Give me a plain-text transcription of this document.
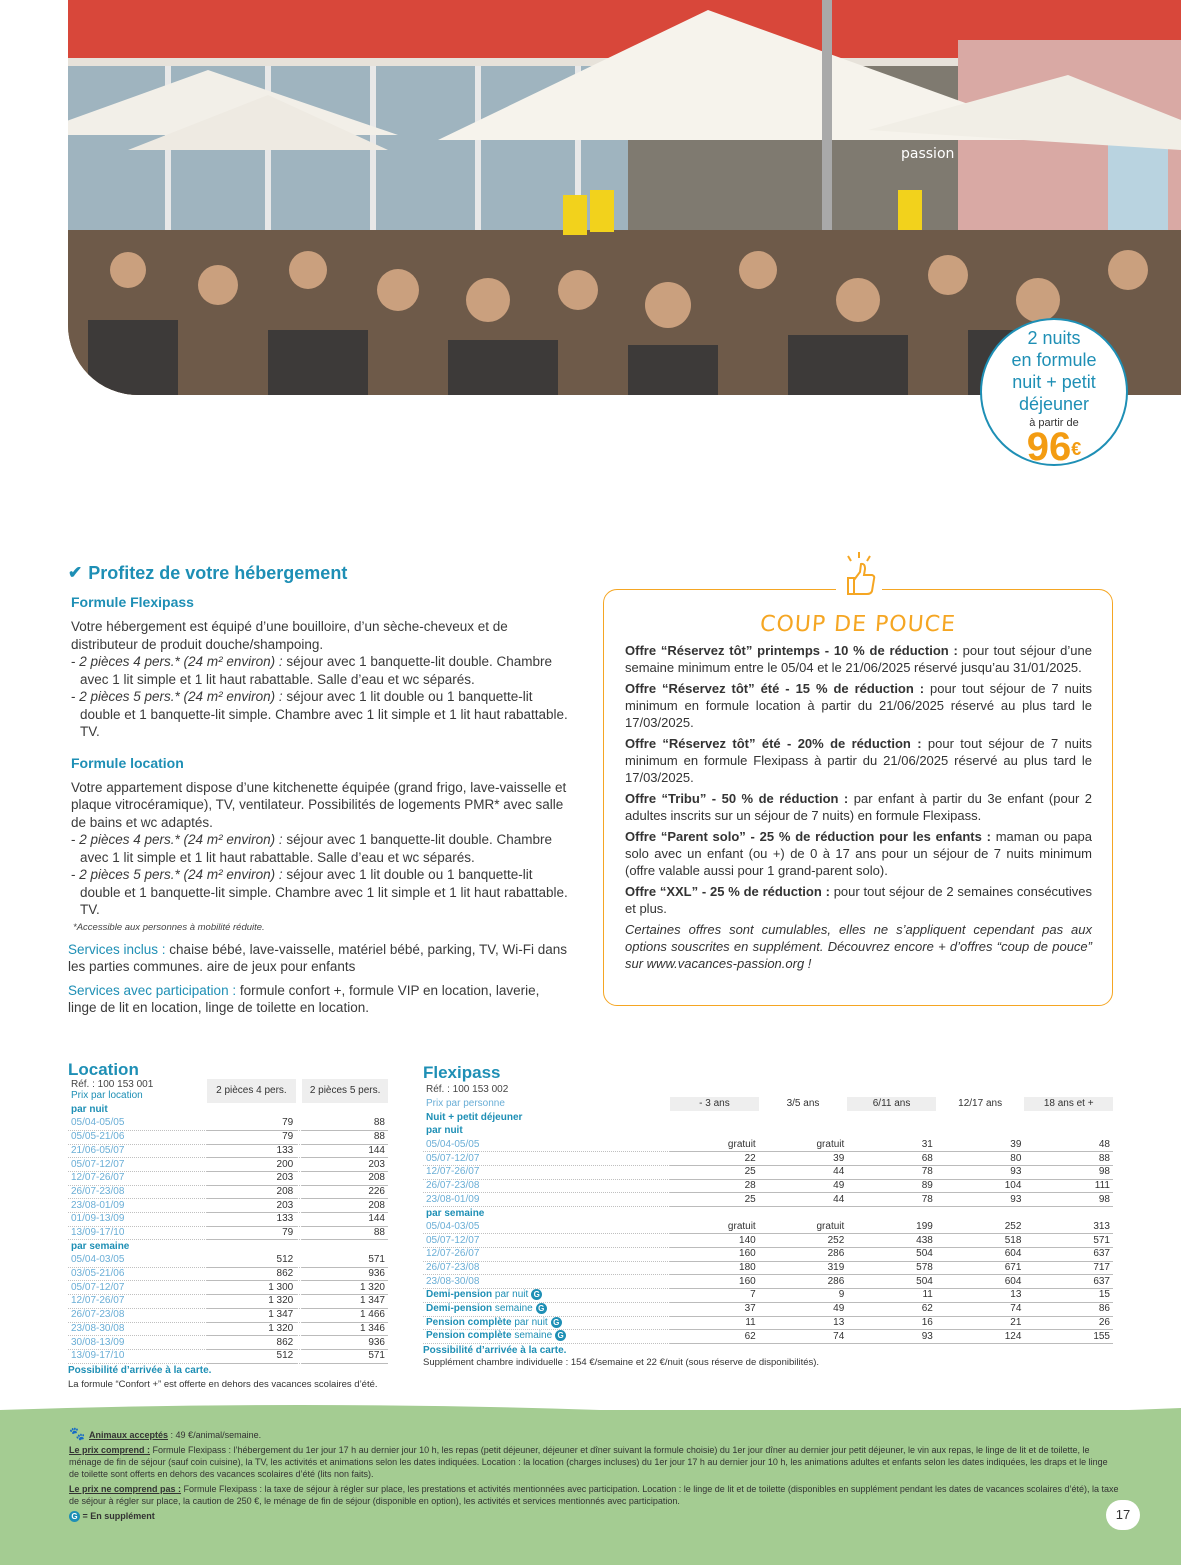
passion
2 nuits
en formule
nuit + petit
déjeuner
à partir de
96€
✔ Profitez de votre hébergement
Formule Flexipass
Votre hébergement est équipé d’une bouilloire, d’un sèche-cheveux et de distributeur de produit douche/shampoing.
- 2 pièces 4 pers.* (24 m² environ) : séjour avec 1 banquette-lit double. Chambre avec 1 lit simple et 1 lit haut rabattable. Salle d’eau et wc séparés.
- 2 pièces 5 pers.* (24 m² environ) : séjour avec 1 lit double ou 1 banquette-lit double et 1 banquette-lit simple. Chambre avec 1 lit simple et 1 lit haut rabattable. TV.
Formule location
Votre appartement dispose d’une kitchenette équipée (grand frigo, lave-vaisselle et plaque vitrocéramique), TV, ventilateur. Possibilités de logements PMR* avec salle de bains et wc adaptés.
- 2 pièces 4 pers.* (24 m² environ) : séjour avec 1 banquette-lit double. Chambre avec 1 lit simple et 1 lit haut rabattable. Salle d’eau et wc séparés.
- 2 pièces 5 pers.* (24 m² environ) : séjour avec 1 lit double ou 1 banquette-lit double et 1 banquette-lit simple. Chambre avec 1 lit simple et 1 lit haut rabattable. TV.
*Accessible aux personnes à mobilité réduite.
Services inclus : chaise bébé, lave-vaisselle, matériel bébé, parking, TV, Wi-Fi dans les parties communes. aire de jeux pour enfants
Services avec participation : formule confort +, formule VIP en location, laverie, linge de lit en location, linge de toilette en location.
COUP DE POUCE

Offre “Réservez tôt” printemps - 10 % de réduction : pour tout séjour d’une semaine minimum entre le 05/04 et le 21/06/2025 réservé jusqu’au 31/01/2025.

Offre “Réservez tôt” été - 15 % de réduction : pour tout séjour de 7 nuits minimum en formule location à partir du 21/06/2025 réservé au plus tard le 17/03/2025.

Offre “Réservez tôt” été - 20% de réduction : pour tout séjour de 7 nuits minimum en formule Flexipass à partir du 21/06/2025 réservé au plus tard le 17/03/2025.

Offre “Tribu” - 50 % de réduction : par enfant à partir du 3e enfant (pour 2 adultes inscrits sur un séjour de 7 nuits) en formule Flexipass.

Offre “Parent solo” - 25 % de réduction pour les enfants : maman ou papa solo avec un enfant (ou +) de 0 à 17 ans pour un séjour de 7 nuits minimum (offre valable aussi pour 1 grand-parent solo).

Offre “XXL” - 25 % de réduction : pour tout séjour de 2 semaines consécutives et plus.

Certaines offres sont cumulables, elles ne s’appliquent cependant pas aux options souscrites en supplément. Découvrez encore + d’offres “coup de pouce” sur www.vacances-passion.org !

Location
Réf. : 100 153 001
Prix par location	2 pièces 4 pers.		2 pièces 5 pers.
par nuit			
05/04-05/05	79		88
05/05-21/06	79		88
21/06-05/07	133		144
05/07-12/07	200		203
12/07-26/07	203		208
26/07-23/08	208		226
23/08-01/09	203		208
01/09-13/09	133		144
13/09-17/10	79		88
par semaine			
05/04-03/05	512		571
03/05-21/06	862		936
05/07-12/07	1 300		1 320
12/07-26/07	1 320		1 347
26/07-23/08	1 347		1 466
23/08-30/08	1 320		1 346
30/08-13/09	862		936
13/09-17/10	512		571
Possibilité d’arrivée à la carte.
La formule “Confort +” est offerte en dehors des vacances scolaires d’été.
Flexipass
Réf. : 100 153 002
Prix par personne	- 3 ans	3/5 ans	6/11 ans	12/17 ans	18 ans et +
Nuit + petit déjeuner					
par nuit					
05/04-05/05	gratuit	gratuit	31	39	48
05/07-12/07	22	39	68	80	88
12/07-26/07	25	44	78	93	98
26/07-23/08	28	49	89	104	111
23/08-01/09	25	44	78	93	98
par semaine					
05/04-03/05	gratuit	gratuit	199	252	313
05/07-12/07	140	252	438	518	571
12/07-26/07	160	286	504	604	637
26/07-23/08	180	319	578	671	717
23/08-30/08	160	286	504	604	637
Demi-pension par nuit G	7	9	11	13	15
Demi-pension semaine G	37	49	62	74	86
Pension complète par nuit G	11	13	16	21	26
Pension complète semaine G	62	74	93	124	155
Possibilité d’arrivée à la carte.
Supplément chambre individuelle : 154 €/semaine et 22 €/nuit (sous réserve de disponibilités).

🐾 Animaux acceptés : 49 €/animal/semaine.

Le prix comprend : Formule Flexipass : l’hébergement du 1er jour 17 h au dernier jour 10 h, les repas (petit déjeuner, déjeuner et dîner suivant la formule choisie) du 1er jour dîner au dernier jour petit déjeuner, le vin aux repas, le linge de lit et de toilette, le ménage de fin de séjour (sauf coin cuisine), la TV, les activités et animations selon les dates indiquées. Location : la location (charges incluses) du 1er jour 17 h au dernier jour 10 h, les animations adultes et enfants selon les dates indiquées, les draps et le linge de toilette sont offerts en dehors des vacances scolaires d’été (lits non faits).

Le prix ne comprend pas : Formule Flexipass : la taxe de séjour à régler sur place, les prestations et activités mentionnées avec participation. Location : le linge de lit et de toilette (disponibles en supplément pendant les dates de vacances scolaires d’été), la taxe de séjour à régler sur place, la caution de 250 €, le ménage de fin de séjour (disponible en option), les activités et services mentionnés avec participation.

G = En supplément	17
